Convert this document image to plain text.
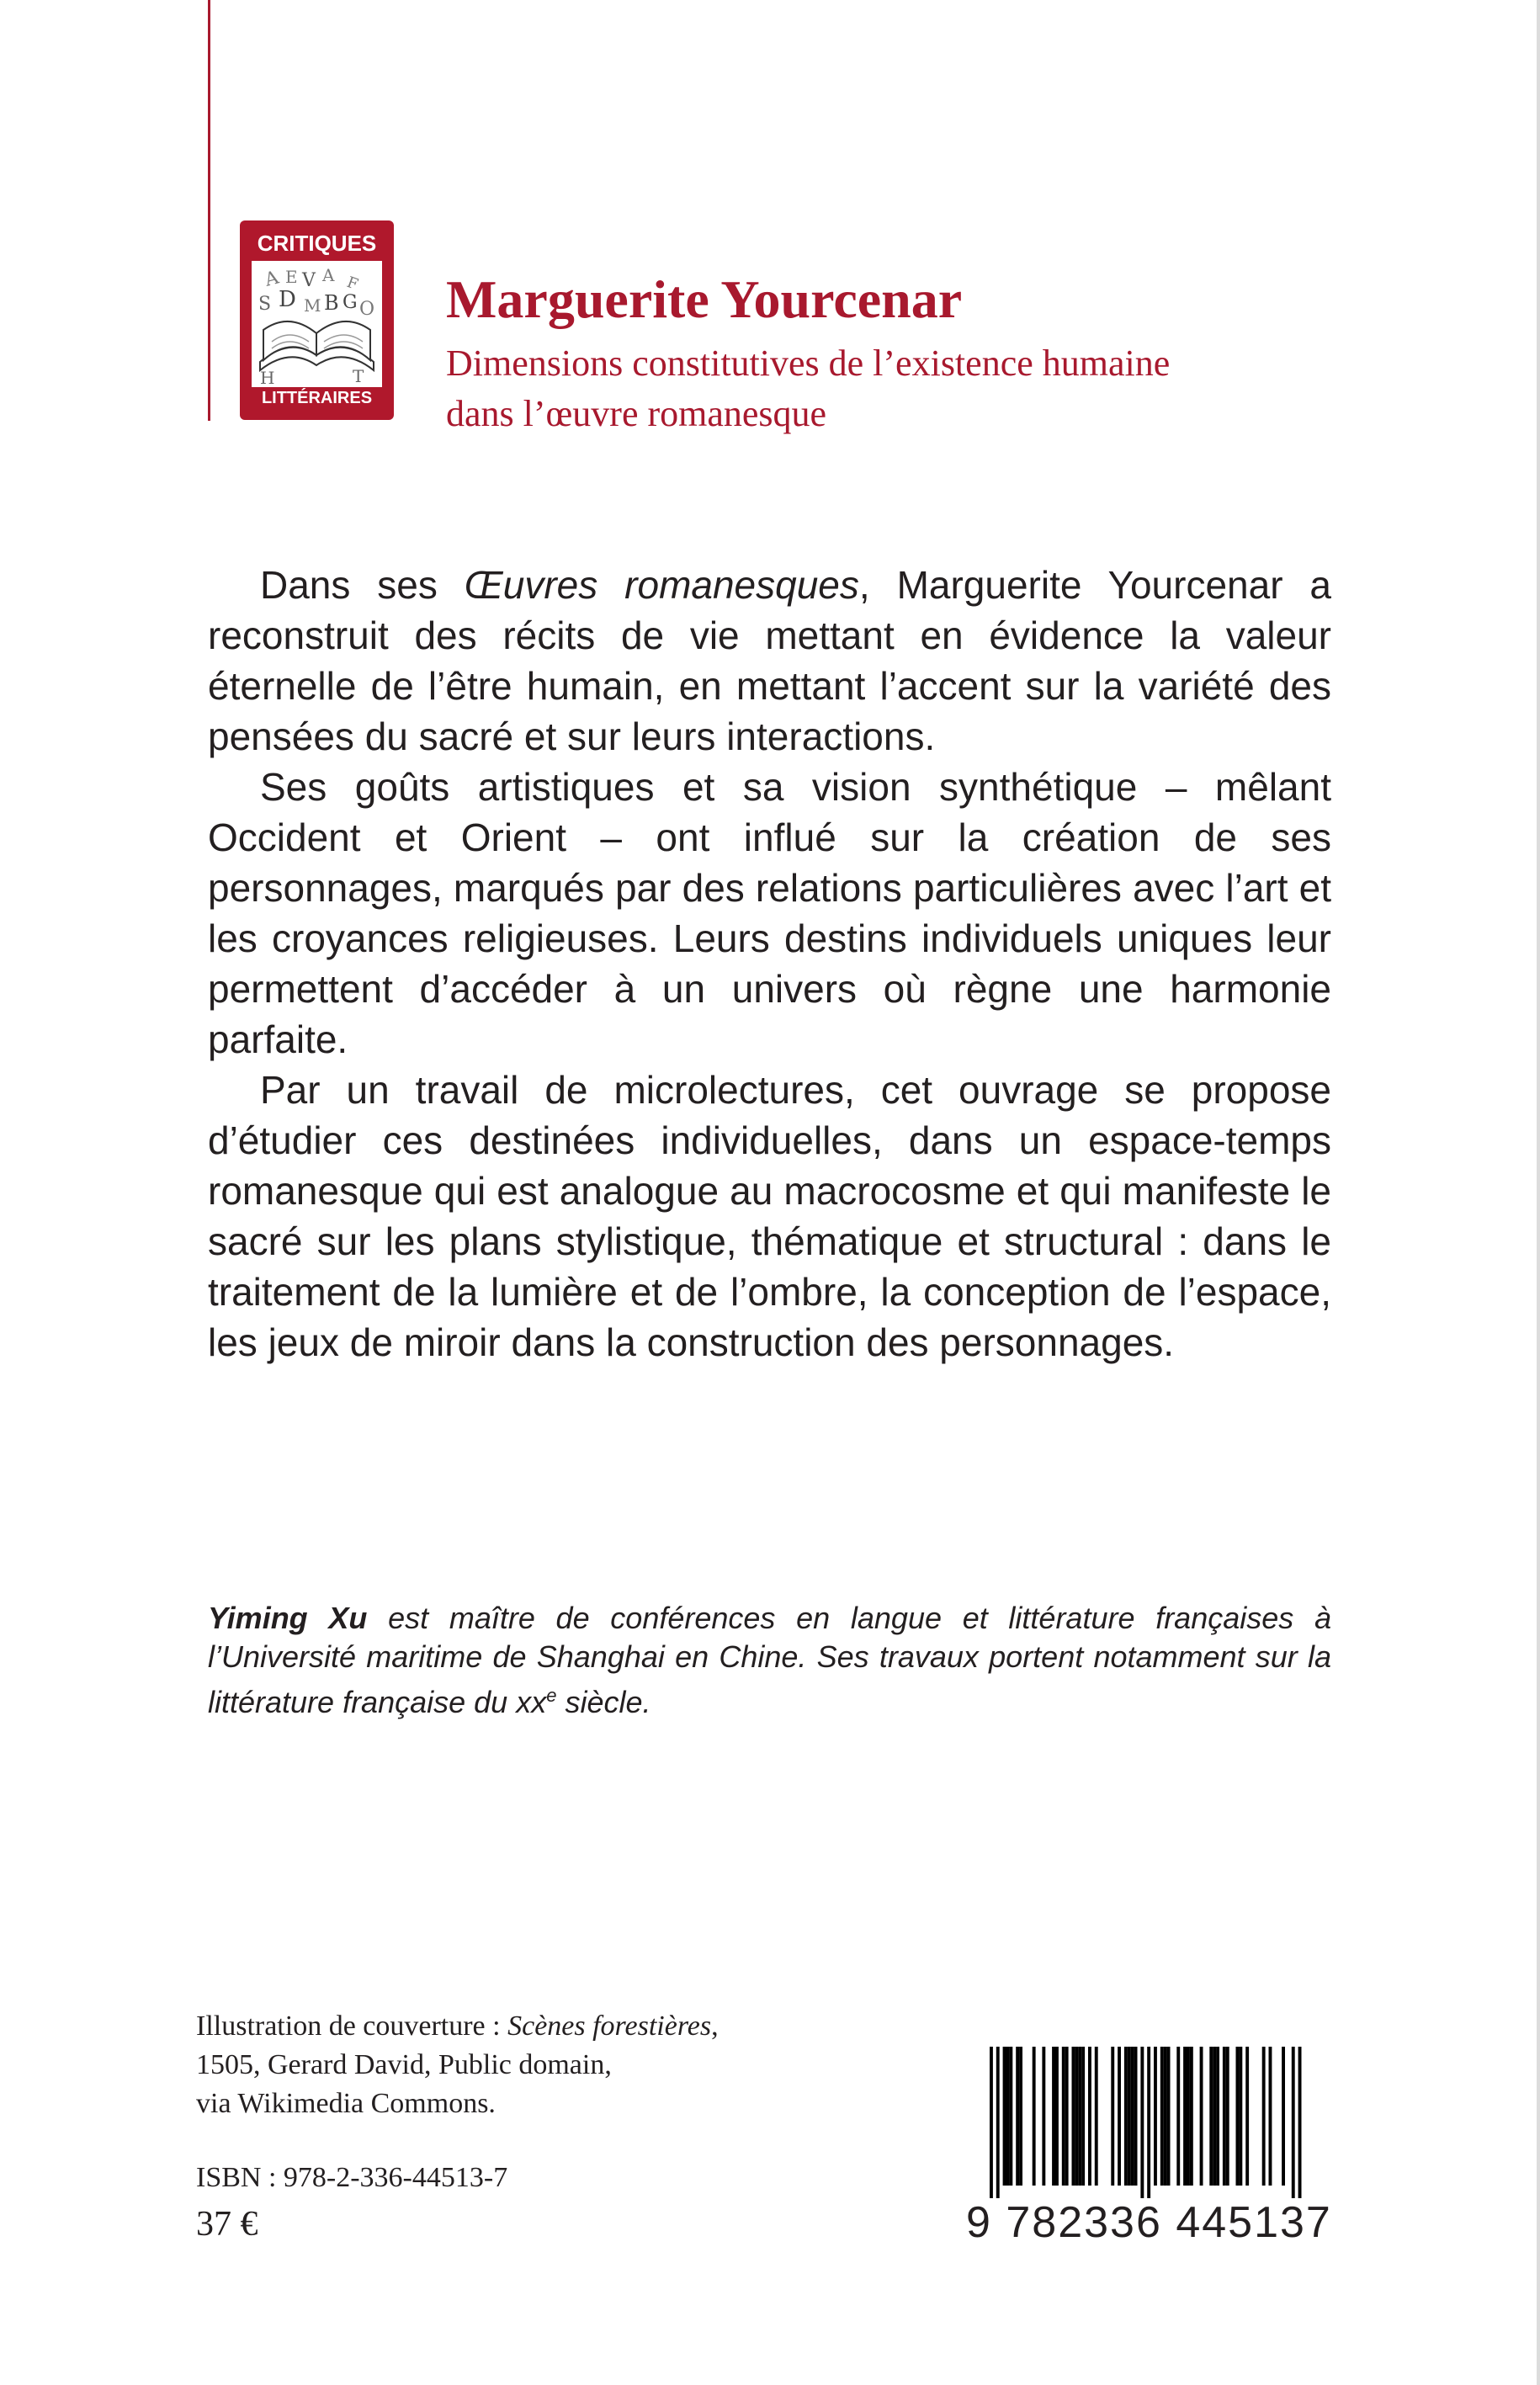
CRITIQUES
A E V A F
S D M B G O
H	T
LITTÉRAIRES
Marguerite Yourcenar
Dimensions constitutives de l’existence humaine
dans l’œuvre romanesque

Dans ses Œuvres romanesques, Marguerite Yourcenar a reconstruit des récits de vie mettant en évidence la valeur éternelle de l’être humain, en mettant l’accent sur la variété des pensées du sacré et sur leurs interactions.

Ses goûts artistiques et sa vision synthétique – mêlant Occident et Orient – ont influé sur la création de ses personnages, marqués par des relations particulières avec l’art et les croyances religieuses. Leurs destins individuels uniques leur permettent d’accéder à un univers où règne une harmonie parfaite.

Par un travail de microlectures, cet ouvrage se propose d’étudier ces destinées individuelles, dans un espace-temps romanesque qui est analogue au macrocosme et qui manifeste le sacré sur les plans stylistique, thématique et structural : dans le traitement de la lumière et de l’ombre, la conception de l’espace, les jeux de miroir dans la construction des personnages.

Yiming Xu est maître de conférences en langue et littérature françaises à l’Université maritime de Shanghai en Chine. Ses travaux portent notamment sur la littérature française du $xx^e$ siècle.
Illustration de couverture : Scènes forestières,
1505, Gerard David, Public domain,
via Wikimedia Commons.
ISBN : 978-2-336-44513-7
37 €	9 782336 445137
